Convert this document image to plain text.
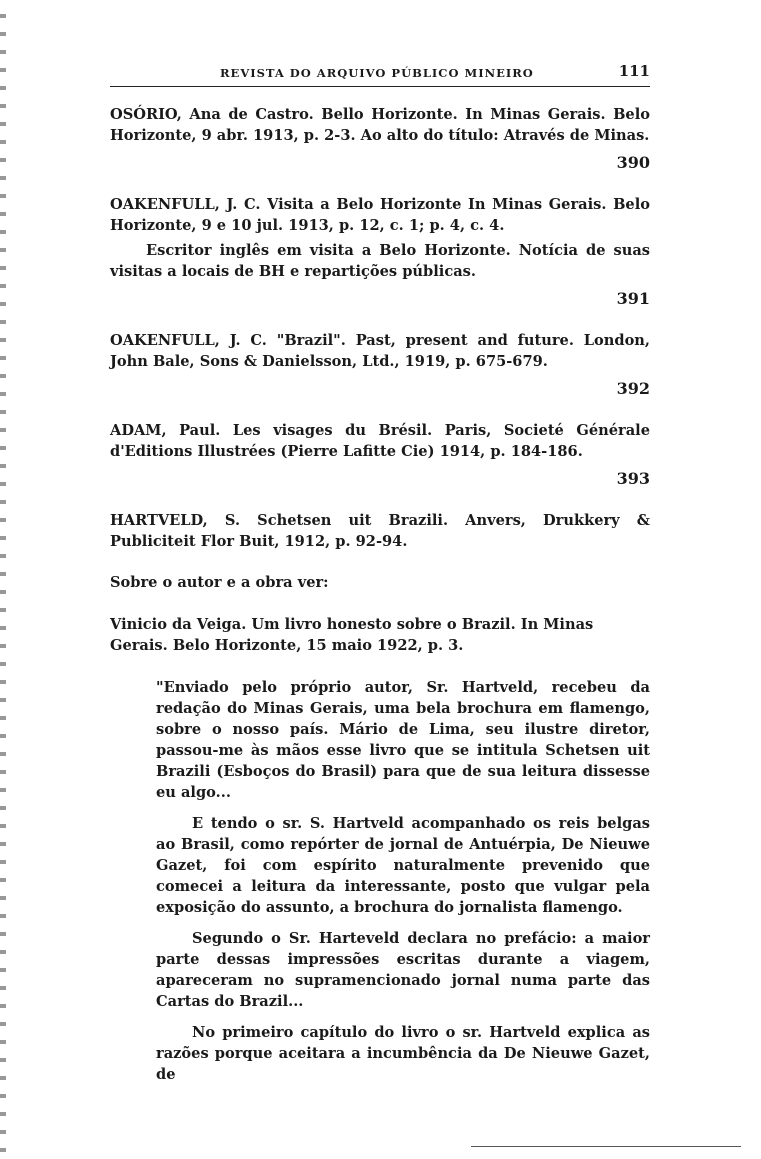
REVISTA DO ARQUIVO PÚBLICO MINEIRO	111

OSÓRIO, Ana de Castro. Bello Horizonte. In Minas Gerais. Belo Horizonte, 9 abr. 1913, p. 2-3. Ao alto do título: Através de Minas.

390

OAKENFULL, J. C. Visita a Belo Horizonte In Minas Gerais. Belo Horizonte, 9 e 10 jul. 1913, p. 12, c. 1; p. 4, c. 4.

Escritor inglês em visita a Belo Horizonte. Notícia de suas visitas a locais de BH e repartições públicas.

391

OAKENFULL, J. C. "Brazil". Past, present and future. London, John Bale, Sons & Danielsson, Ltd., 1919, p. 675-679.

392

ADAM, Paul. Les visages du Brésil. Paris, Societé Générale d'Editions Illustrées (Pierre Lafitte Cie) 1914, p. 184-186.

393

HARTVELD, S. Schetsen uit Brazili. Anvers, Drukkery & Publiciteit Flor Buit, 1912, p. 92-94.

Sobre o autor e a obra ver:

Vinicio da Veiga. Um livro honesto sobre o Brazil. In Minas Gerais. Belo Horizonte, 15 maio 1922, p. 3.

"Enviado pelo próprio autor, Sr. Hartveld, recebeu da redação do Minas Gerais, uma bela brochura em flamengo, sobre o nosso país. Mário de Lima, seu ilustre diretor, passou-me às mãos esse livro que se intitula Schetsen uit Brazili (Esboços do Brasil) para que de sua leitura dissesse eu algo...

E tendo o sr. S. Hartveld acompanhado os reis belgas ao Brasil, como repórter de jornal de Antuérpia, De Nieuwe Gazet, foi com espírito naturalmente prevenido que comecei a leitura da interessante, posto que vulgar pela exposição do assunto, a brochura do jornalista flamengo.

Segundo o Sr. Harteveld declara no prefácio: a maior parte dessas impressões escritas durante a viagem, apareceram no supramencionado jornal numa parte das Cartas do Brazil...

No primeiro capítulo do livro o sr. Hartveld explica as razões porque aceitara a incumbência da De Nieuwe Gazet, de
